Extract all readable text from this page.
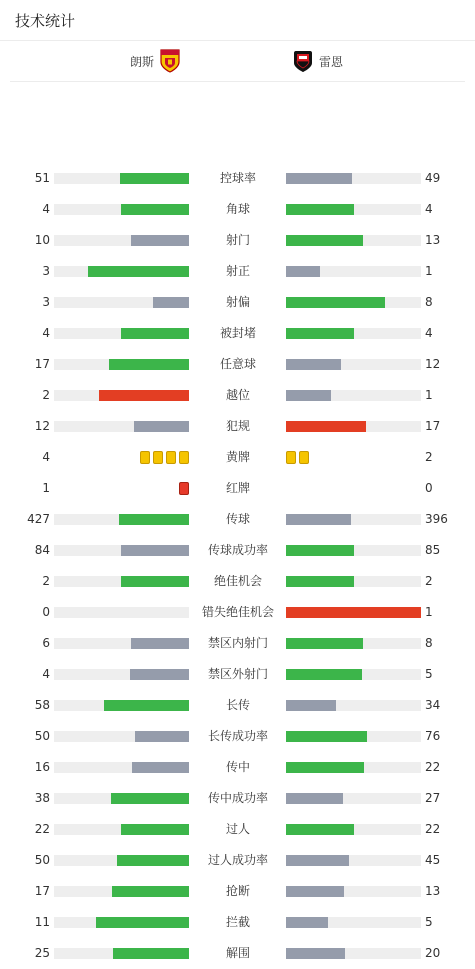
技术统计
朗斯	雷恩
51	控球率	49
4	角球	4
10	射门	13
3	射正	1
3	射偏	8
4	被封堵	4
17	任意球	12
2	越位	1
12	犯规	17
4	黄牌	2
1	红牌	0
427	传球	396
84	传球成功率	85
2	绝佳机会	2
0	错失绝佳机会	1
6	禁区内射门	8
4	禁区外射门	5
58	长传	34
50	长传成功率	76
16	传中	22
38	传中成功率	27
22	过人	22
50	过人成功率	45
17	抢断	13
11	拦截	5
25	解围	20
